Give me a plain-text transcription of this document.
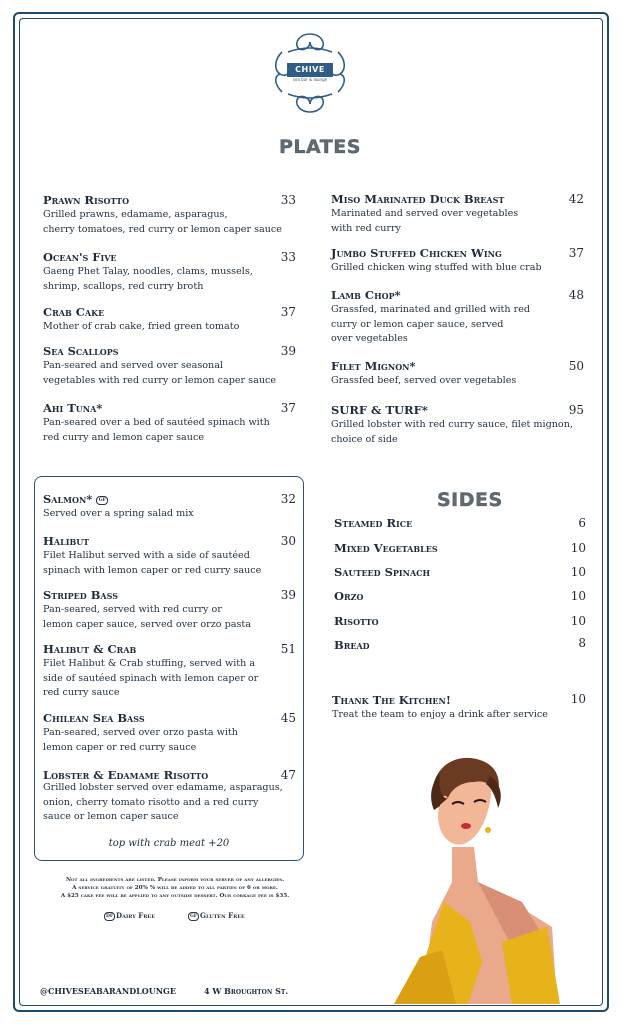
CHIVE
sea bar & lounge
PLATES
SIDES
Prawn Risotto	33
Grilled prawns, edamame, asparagus,
cherry tomatoes, red curry or lemon caper sauce
Ocean's Five	33
Gaeng Phet Talay, noodles, clams, mussels,
shrimp, scallops, red curry broth
Crab Cake	37
Mother of crab cake, fried green tomato
Sea Scallops	39
Pan-seared and served over seasonal
vegetables with red curry or lemon caper sauce
Ahi Tuna*	37
Pan-seared over a bed of sautéed spinach with
red curry and lemon caper sauce
Miso Marinated Duck Breast	42
Marinated and served over vegetables
with red curry
Jumbo Stuffed Chicken Wing	37
Grilled chicken wing stuffed with blue crab
Lamb Chop*	48
Grassfed, marinated and grilled with red
curry or lemon caper sauce, served
over vegetables
Filet Mignon*	50
Grassfed beef, served over vegetables
SURF & TURF*	95
Grilled lobster with red curry sauce, filet mignon,
choice of side
Salmon* GF	32
Served over a spring salad mix
Halibut	30
Filet Halibut served with a side of sautéed
spinach with lemon caper or red curry sauce
Striped Bass	39
Pan-seared, served with red curry or
lemon caper sauce, served over orzo pasta
Halibut & Crab	51
Filet Halibut & Crab stuffing, served with a
side of sautéed spinach with lemon caper or
red curry sauce
Chilean Sea Bass	45
Pan-seared, served over orzo pasta with
lemon caper or red curry sauce
Lobster & Edamame Risotto	47
Grilled lobster served over edamame, asparagus,
onion, cherry tomato risotto and a red curry
sauce or lemon caper sauce
top with crab meat +20
Steamed Rice	6
Mixed Vegetables	10
Sauteed Spinach	10
Orzo	10
Risotto	10
Bread	8
Thank The Kitchen!	10
Treat the team to enjoy a drink after service
Not all ingredients are listed. Please inform your server of any allergies.
A service gratuity of 20% % will be added to all parties of 6 or more.
A $25 cake fee will be applied to any outside dessert. Our corkage fee is $35.
DF Dairy Free	GF Gluten Free
@CHIVESEABARANDLOUNGE	4 W Broughton St.
